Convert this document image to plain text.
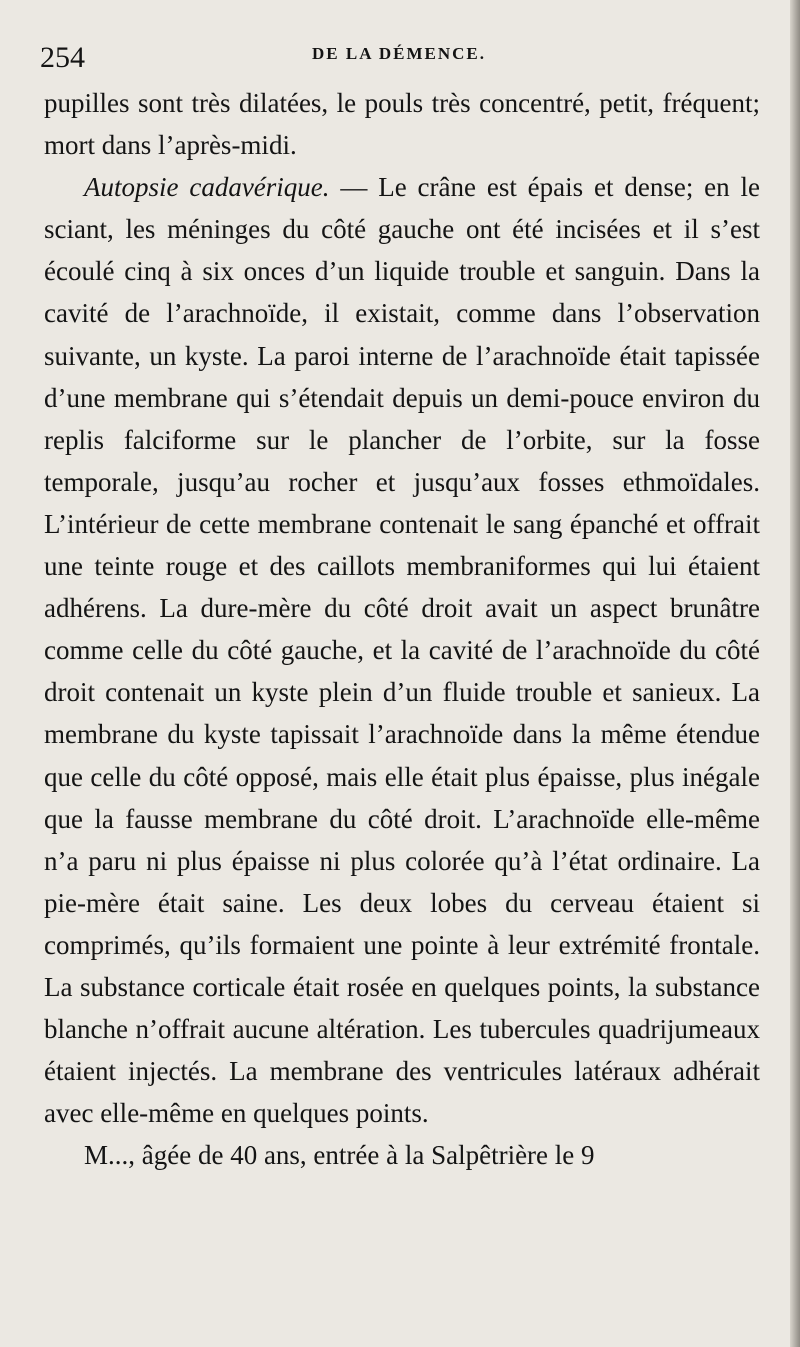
254	DE LA DÉMENCE.

pupilles sont très dilatées, le pouls très concentré, petit, fréquent; mort dans l’après-midi.

Autopsie cadavérique. — Le crâne est épais et dense; en le sciant, les méninges du côté gauche ont été incisées et il s’est écoulé cinq à six onces d’un liquide trouble et sanguin. Dans la cavité de l’arachnoïde, il existait, comme dans l’observation suivante, un kyste. La paroi interne de l’arachnoïde était tapissée d’une membrane qui s’étendait depuis un demi-pouce environ du replis falciforme sur le plancher de l’orbite, sur la fosse temporale, jusqu’au rocher et jusqu’aux fosses ethmoïdales. L’intérieur de cette membrane contenait le sang épanché et offrait une teinte rouge et des caillots membraniformes qui lui étaient adhérens. La dure-mère du côté droit avait un aspect brunâtre comme celle du côté gauche, et la cavité de l’arachnoïde du côté droit contenait un kyste plein d’un fluide trouble et sanieux. La membrane du kyste tapissait l’arachnoïde dans la même étendue que celle du côté opposé, mais elle était plus épaisse, plus inégale que la fausse membrane du côté droit. L’arachnoïde elle-même n’a paru ni plus épaisse ni plus colorée qu’à l’état ordinaire. La pie-mère était saine. Les deux lobes du cerveau étaient si comprimés, qu’ils formaient une pointe à leur extrémité frontale. La substance corticale était rosée en quelques points, la substance blanche n’offrait aucune altération. Les tubercules quadrijumeaux étaient injectés. La membrane des ventricules latéraux adhérait avec elle-même en quelques points.

M..., âgée de 40 ans, entrée à la Salpêtrière le 9
